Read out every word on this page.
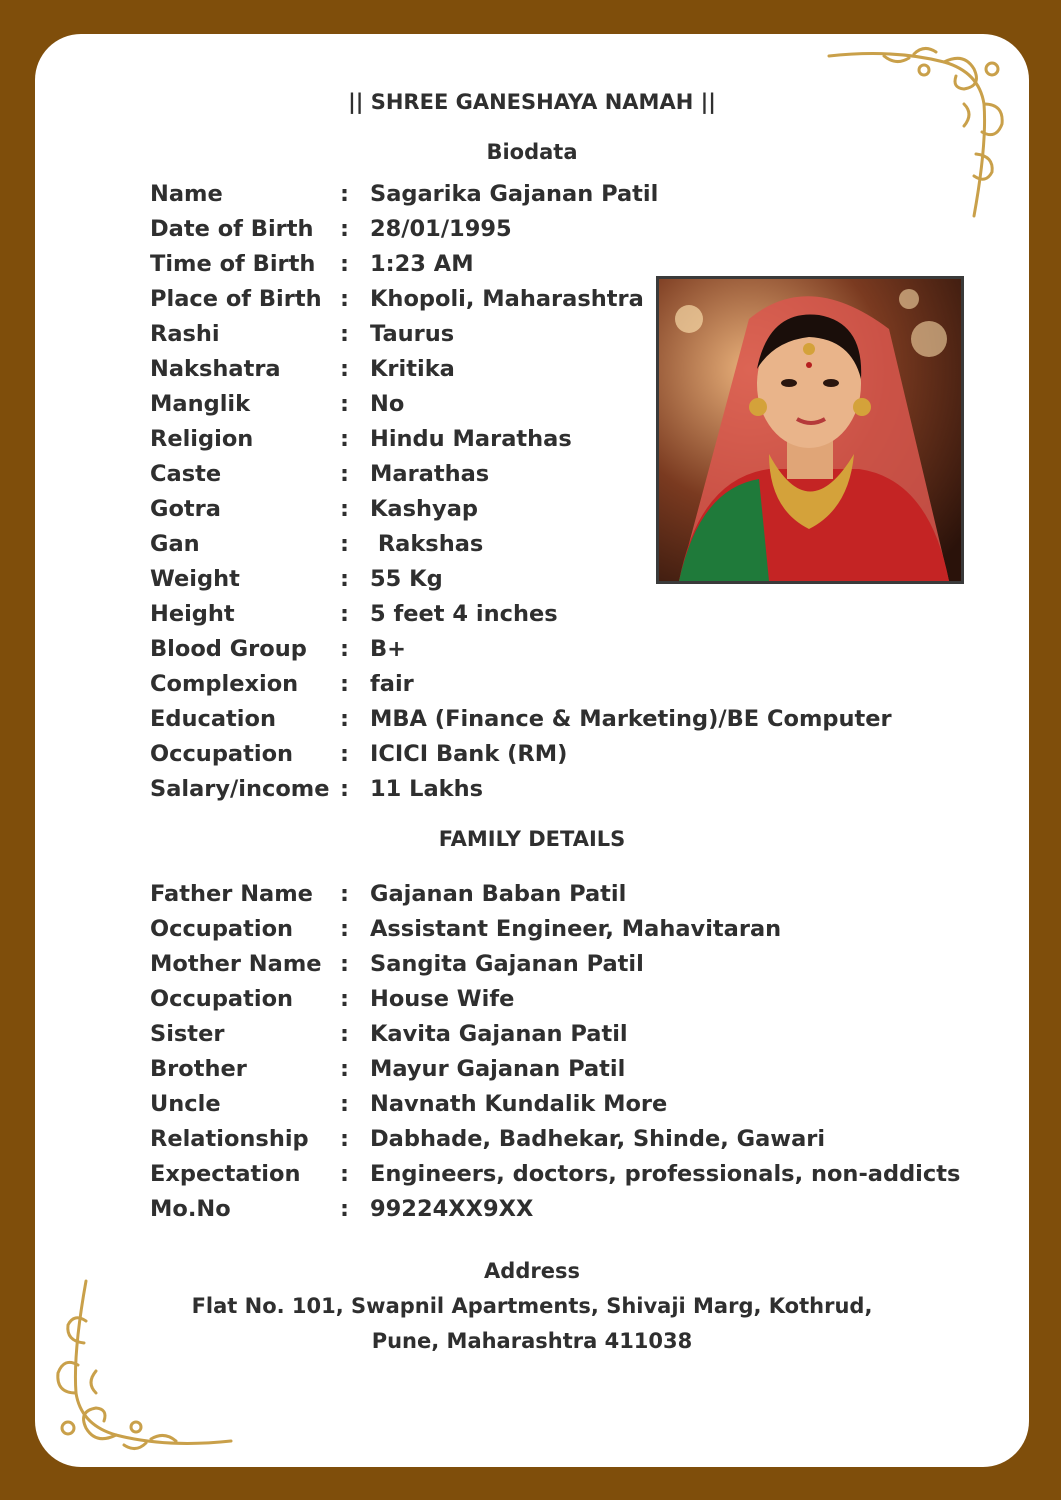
|| SHREE GANESHAYA NAMAH ||
Biodata
Name	: Sagarika Gajanan Patil
Date of Birth : 28/01/1995
Time of Birth : 1:23 AM
Place of Birth : Khopoli, Maharashtra
Rashi	: Taurus
Nakshatra	: Kritika
Manglik	: No
Religion	: Hindu Marathas
Caste	: Marathas
Gotra	: Kashyap
Gan	: Rakshas
Weight	: 55 Kg
Height	: 5 feet 4 inches
Blood Group : B+
Complexion : fair
Education	: MBA (Finance & Marketing)/BE Computer
Occupation : ICICI Bank (RM)
Salary/income : 11 Lakhs
FAMILY DETAILS
Father Name : Gajanan Baban Patil
Occupation : Assistant Engineer, Mahavitaran
Mother Name : Sangita Gajanan Patil
Occupation : House Wife
Sister	: Kavita Gajanan Patil
Brother	: Mayur Gajanan Patil
Uncle	: Navnath Kundalik More
Relationship : Dabhade, Badhekar, Shinde, Gawari
Expectation : Engineers, doctors, professionals, non-addicts
Mo.No	: 99224XX9XX
Address
Flat No. 101, Swapnil Apartments, Shivaji Marg, Kothrud,
Pune, Maharashtra 411038
